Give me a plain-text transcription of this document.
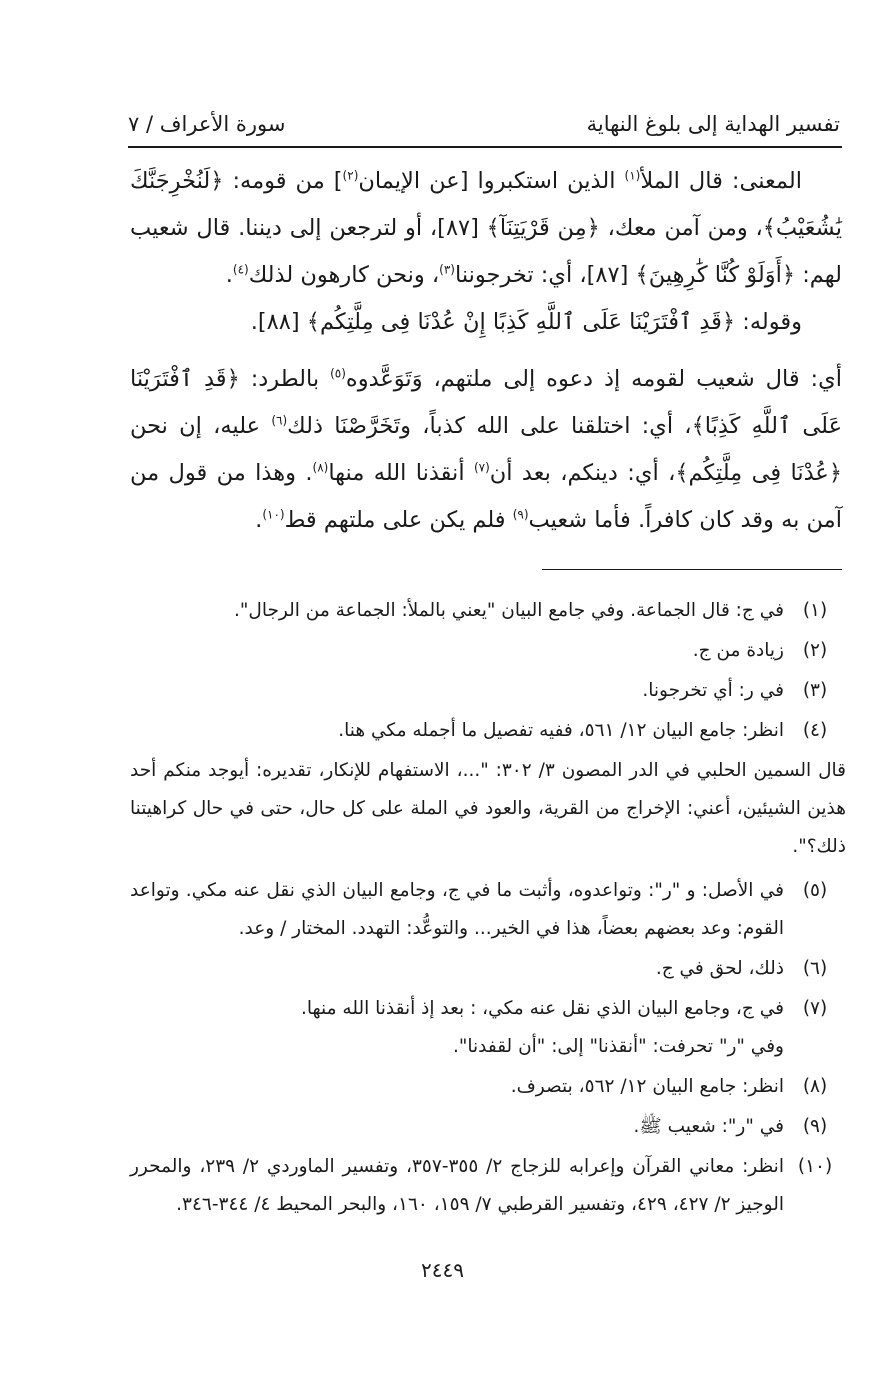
تفسير الهداية إلى بلوغ النهاية
سورة الأعراف / ٧

المعنى: قال الملأ$^{(١)}$ الذين استكبروا [عن الإيمان$^{(٢)}$] من قومه: ﴿لَنُخْرِجَنَّكَ يَٰشُعَيْبُ﴾، ومن آمن معك، ﴿مِن قَرْيَتِنَآ﴾ [٨٧]، أو لترجعن إلى ديننا. قال شعيب لهم: ﴿أَوَلَوْ كُنَّا كَٰرِهِينَ﴾ [٨٧]، أي: تخرجوننا$^{(٣)}$، ونحن كارهون لذلك$^{(٤)}$.

وقوله: ﴿قَدِ ٱفْتَرَيْنَا عَلَى ٱللَّهِ كَذِبًا إِنْ عُدْنَا فِى مِلَّتِكُم﴾ [٨٨].

أي: قال شعيب لقومه إذ دعوه إلى ملتهم، وَتَوَعَّدوه$^{(٥)}$ بالطرد: ﴿قَدِ ٱفْتَرَيْنَا عَلَى ٱللَّهِ كَذِبًا﴾، أي: اختلقنا على الله كذباً، وتَخَرَّصْنَا ذلك$^{(٦)}$ عليه، إن نحن ﴿عُدْنَا فِى مِلَّتِكُم﴾، أي: دينكم، بعد أن$^{(٧)}$ أنقذنا الله منها$^{(٨)}$. وهذا من قول من آمن به وقد كان كافراً. فأما شعيب$^{(٩)}$ فلم يكن على ملتهم قط$^{(١٠)}$.

(١)

في ج: قال الجماعة. وفي جامع البيان "يعني بالملأ: الجماعة من الرجال".

(٢)

زيادة من ج.

(٣)

في ر: أي تخرجونا.

(٤)

انظر: جامع البيان ١٢/ ٥٦١، ففيه تفصيل ما أجمله مكي هنا.

قال السمين الحلبي في الدر المصون ٣/ ٣٠٢: "...، الاستفهام للإنكار، تقديره: أيوجد منكم أحد هذين الشيئين، أعني: الإخراج من القرية، والعود في الملة على كل حال، حتى في حال كراهيتنا ذلك؟".

(٥)

في الأصل: و "ر": وتواعدوه، وأثبت ما في ج، وجامع البيان الذي نقل عنه مكي. وتواعد القوم: وعد بعضهم بعضاً، هذا في الخير... والتوعُّد: التهدد. المختار / وعد.

(٦)

ذلك، لحق في ج.

(٧)

في ج، وجامع البيان الذي نقل عنه مكي، : بعد إذ أنقذنا الله منها.

وفي "ر" تحرفت: "أنقذنا" إلى: "أن لقفدنا".

(٨)

انظر: جامع البيان ١٢/ ٥٦٢، بتصرف.

(٩)

في "ر": شعيب ﷺ.

(١٠)

انظر: معاني القرآن وإعرابه للزجاج ٢/ ٣٥٥-٣٥٧، وتفسير الماوردي ٢/ ٢٣٩، والمحرر الوجيز ٢/ ٤٢٧، ٤٢٩، وتفسير القرطبي ٧/ ١٥٩، ١٦٠، والبحر المحيط ٤/ ٣٤٤-٣٤٦.

٢٤٤٩
